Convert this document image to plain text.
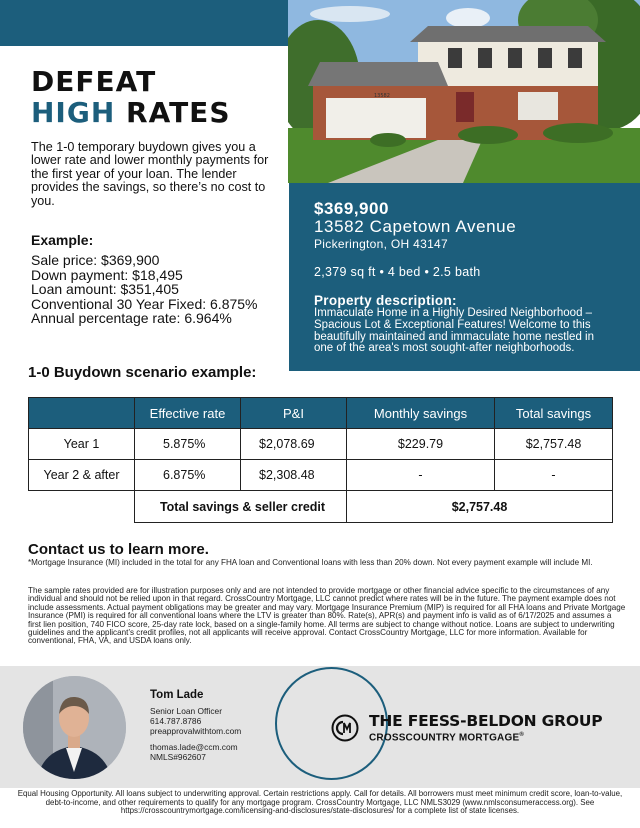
DEFEAT
HIGH RATES

The 1-0 temporary buydown gives you a lower rate and lower monthly payments for the first year of your loan. The lender provides the savings, so there’s no cost to you.

Example:
Sale price: $369,900
Down payment: $18,495
Loan amount: $351,405
Conventional 30 Year Fixed: 6.875%
Annual percentage rate: 6.964%
13582
$369,900
13582 Capetown Avenue
Pickerington, OH 43147
2,379 sq ft • 4 bed • 2.5 bath
Property description:
Immaculate Home in a Highly Desired Neighborhood – Spacious Lot & Exceptional Features! Welcome to this beautifully maintained and immaculate home nestled in one of the area's most sought-after neighborhoods.
1-0 Buydown scenario example:
	Effective rate	P&I	Monthly savings	Total savings
Year 1	5.875%	$2,078.69	$229.79	$2,757.48
Year 2 & after	6.875%	$2,308.48	-	-
	Total savings & seller credit		$2,757.48	
Contact us to learn more.
*Mortgage Insurance (MI) included in the total for any FHA loan and Conventional loans with less than 20% down. Not every payment example will include MI.
The sample rates provided are for illustration purposes only and are not intended to provide mortgage or other financial advice specific to the circumstances of any individual and should not be relied upon in that regard. CrossCountry Mortgage, LLC cannot predict where rates will be in the future. The payment example does not include assessments. Actual payment obligations may be greater and may vary. Mortgage Insurance Premium (MIP) is required for all FHA loans and Private Mortgage Insurance (PMI) is required for all conventional loans where the LTV is greater than 80%. Rate(s), APR(s) and payment info is valid as of 6/17/2025 and assumes a first lien position, 740 FICO score, 25-day rate lock, based on a single-family home. All terms are subject to change without notice. Loans are subject to underwriting guidelines and the applicant’s credit profiles, not all applicants will receive approval. Contact CrossCountry Mortgage, LLC for more information. Available for conventional, FHA, VA, and USDA loans only.
Tom Lade
Senior Loan Officer
614.787.8786
preapprovalwithtom.com
thomas.lade@ccm.com
NMLS#962607
THE FEESS-BELDON GROUP
CROSSCOUNTRY MORTGAGE®
Equal Housing Opportunity. All loans subject to underwriting approval. Certain restrictions apply. Call for details. All borrowers must meet minimum credit score, loan-to-value, debt-to-income, and other requirements to qualify for any mortgage program. CrossCountry Mortgage, LLC NMLS3029 (www.nmlsconsumeraccess.org). See https://crosscountrymortgage.com/licensing-and-disclosures/state-disclosures/ for a complete list of state licenses.
